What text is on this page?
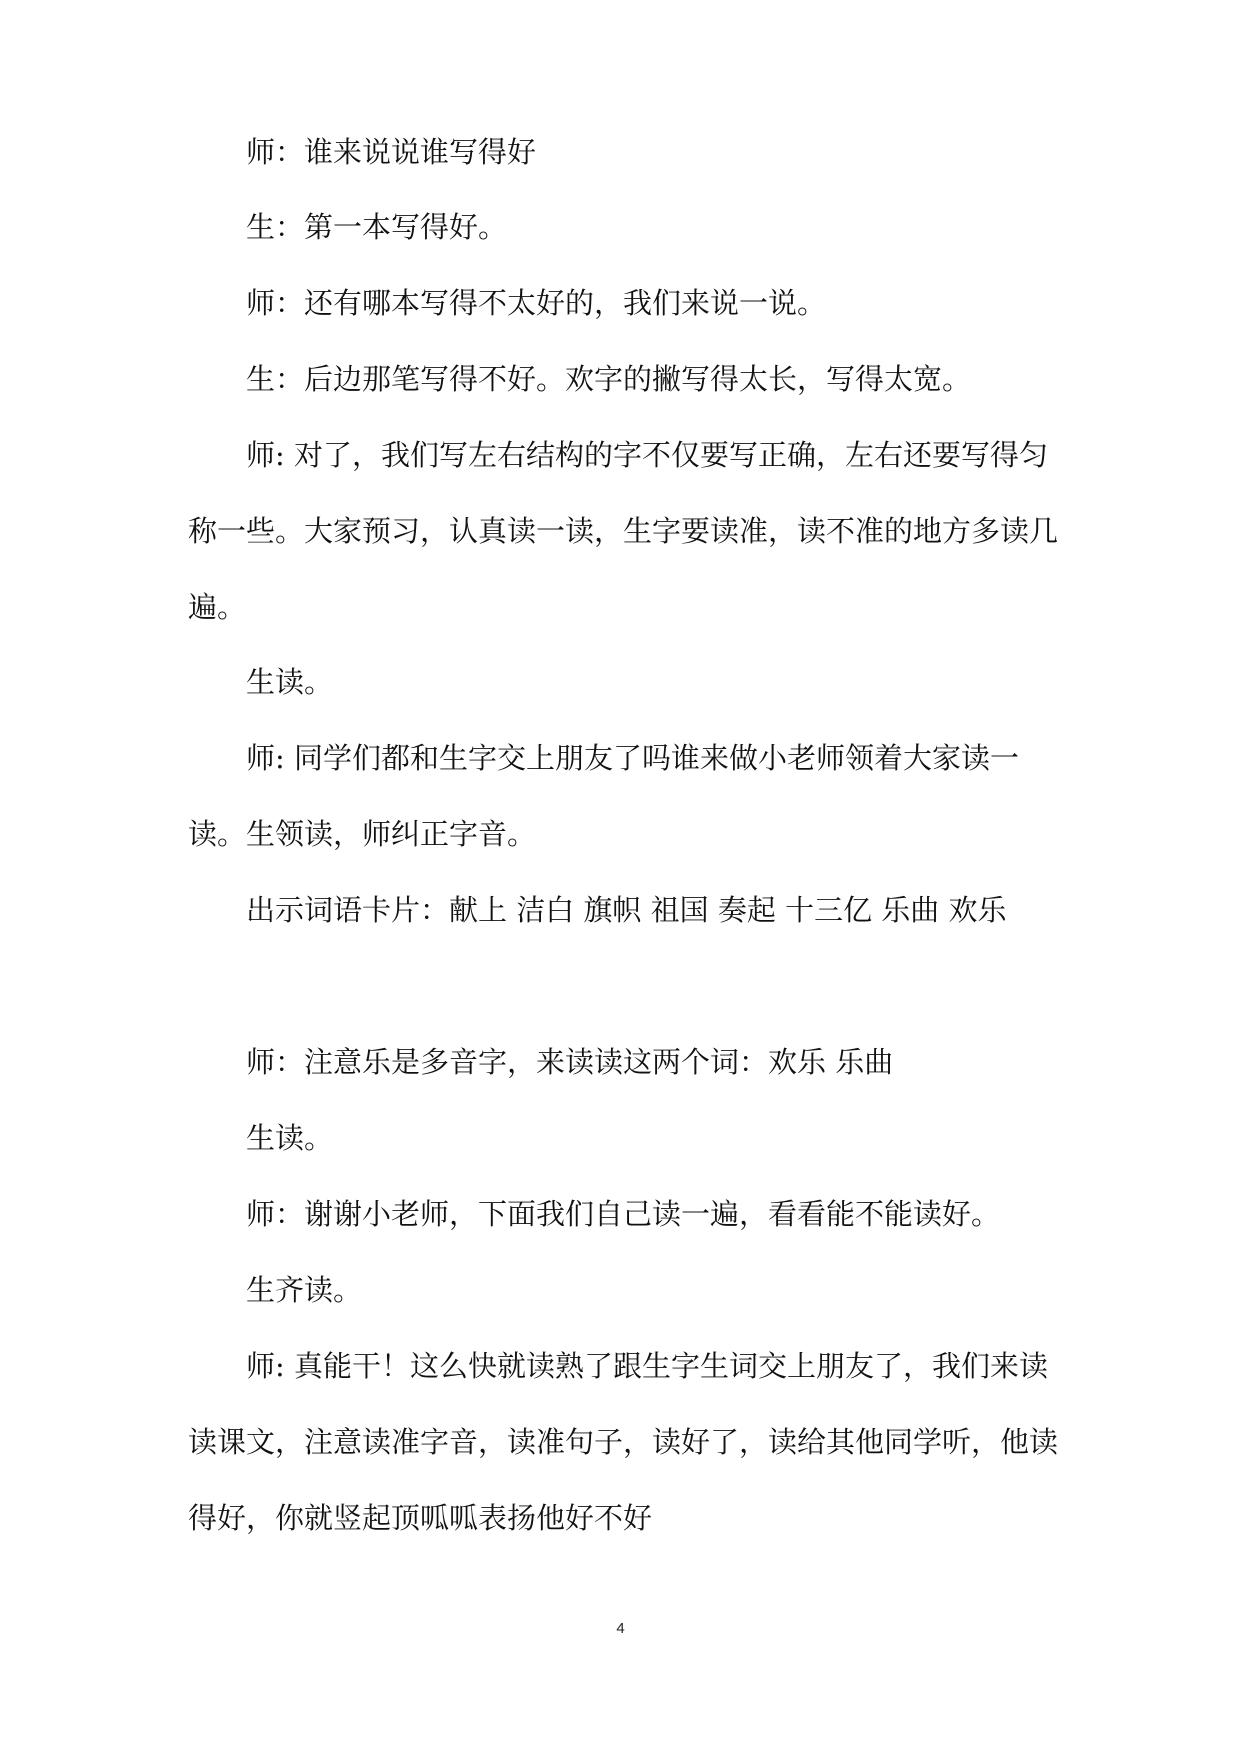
师：谁来说说谁写得好

生：第一本写得好。

师：还有哪本写得不太好的，我们来说一说。

生：后边那笔写得不好。欢字的撇写得太长，写得太宽。

师: 对了，我们写左右结构的字不仅要写正确，左右还要写得匀称一些。大家预习，认真读一读，生字要读准，读不准的地方多读几遍。

生读。

师: 同学们都和生字交上朋友了吗谁来做小老师领着大家读一读。生领读，师纠正字音。

出示词语卡片：献上 洁白 旗帜 祖国 奏起 十三亿 乐曲 欢乐

师：注意乐是多音字，来读读这两个词：欢乐 乐曲

生读。

师：谢谢小老师，下面我们自己读一遍，看看能不能读好。

生齐读。

师: 真能干！这么快就读熟了跟生字生词交上朋友了，我们来读读课文，注意读准字音，读准句子，读好了，读给其他同学听，他读得好，你就竖起顶呱呱表扬他好不好

4
